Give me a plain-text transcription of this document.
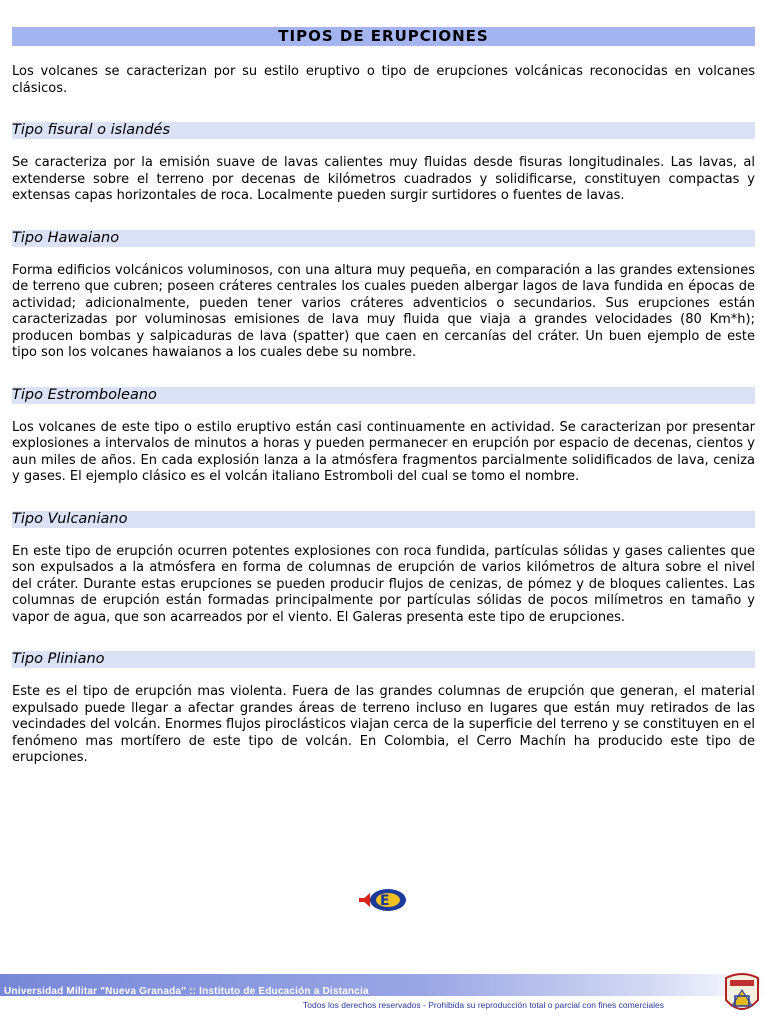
TIPOS DE ERUPCIONES

Los volcanes se caracterizan por su estilo eruptivo o tipo de erupciones volcánicas reconocidas en volcanes clásicos.

Tipo fisural o islandés

Se caracteriza por la emisión suave de lavas calientes muy fluidas desde fisuras longitudinales. Las lavas, al extenderse sobre el terreno por decenas de kilómetros cuadrados y solidificarse, constituyen compactas y extensas capas horizontales de roca. Localmente pueden surgir surtidores o fuentes de lavas.

Tipo Hawaiano

Forma edificios volcánicos voluminosos, con una altura muy pequeña, en comparación a las grandes extensiones de terreno que cubren; poseen cráteres centrales los cuales pueden albergar lagos de lava fundida en épocas de actividad; adicionalmente, pueden tener varios cráteres adventicios o secundarios. Sus erupciones están caracterizadas por voluminosas emisiones de lava muy fluida que viaja a grandes velocidades (80 Km*h); producen bombas y salpicaduras de lava (spatter) que caen en cercanías del cráter. Un buen ejemplo de este tipo son los volcanes hawaianos a los cuales debe su nombre.

Tipo Estromboleano

Los volcanes de este tipo o estilo eruptivo están casi continuamente en actividad. Se caracterizan por presentar explosiones a intervalos de minutos a horas y pueden permanecer en erupción por espacio de decenas, cientos y aun miles de años. En cada explosión lanza a la atmósfera fragmentos parcialmente solidificados de lava, ceniza y gases. El ejemplo clásico es el volcán italiano Estromboli del cual se tomo el nombre.

Tipo Vulcaniano

En este tipo de erupción ocurren potentes explosiones con roca fundida, partículas sólidas y gases calientes que son expulsados a la atmósfera en forma de columnas de erupción de varios kilómetros de altura sobre el nivel del cráter. Durante estas erupciones se pueden producir flujos de cenizas, de pómez y de bloques calientes. Las columnas de erupción están formadas principalmente por partículas sólidas de pocos milímetros en tamaño y vapor de agua, que son acarreados por el viento. El Galeras presenta este tipo de erupciones.

Tipo Pliniano

Este es el tipo de erupción mas violenta. Fuera de las grandes columnas de erupción que generan, el material expulsado puede llegar a afectar grandes áreas de terreno incluso en lugares que están muy retirados de las vecindades del volcán. Enormes flujos piroclásticos viajan cerca de la superficie del terreno y se constituyen en el fenómeno mas mortífero de este tipo de volcán. En Colombia, el Cerro Machín ha producido este tipo de erupciones.

E
Universidad Militar "Nueva Granada" :: Instituto de Educación a Distancia
Todos los derechos reservados - Prohibida su reproducción total o parcial con fines comerciales
